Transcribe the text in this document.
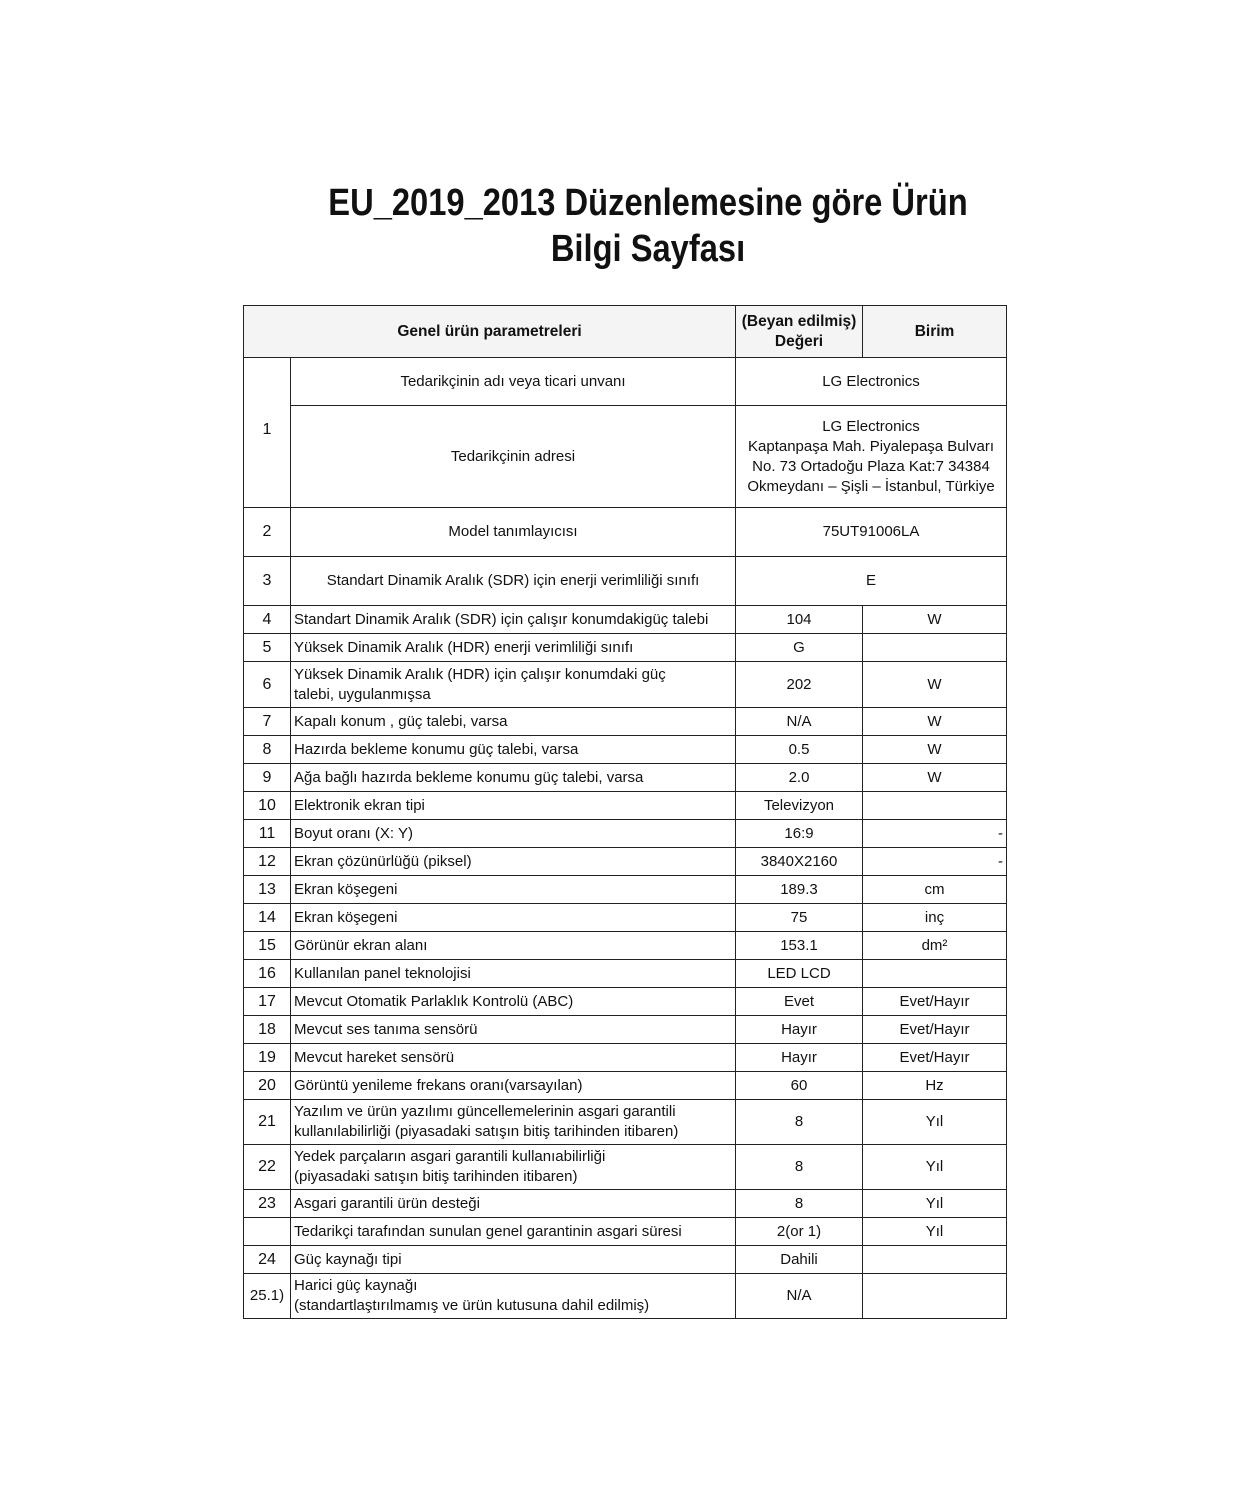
EU_2019_2013 Düzenlemesine göre Ürün
Bilgi Sayfası
Genel ürün parametreleri		(Beyan edilmiş)
Değeri	Birim
1	Tedarikçinin adı veya ticari unvanı	LG Electronics	
	Tedarikçinin adresi	LG Electronics
Kaptanpaşa Mah. Piyalepaşa Bulvarı
No. 73 Ortadoğu Plaza Kat:7 34384
Okmeydanı – Şişli – İstanbul, Türkiye	

2	Model tanımlayıcısı	75UT91006LA	
3	Standart Dinamik Aralık (SDR) için enerji verimliliği sınıfı	E	
4	Standart Dinamik Aralık (SDR) için çalışır konumdakigüç talebi	104	W
5	Yüksek Dinamik Aralık (HDR) enerji verimliliği sınıfı	G	
6	Yüksek Dinamik Aralık (HDR) için çalışır konumdaki güç
talebi, uygulanmışsa	202	W
7	Kapalı konum , güç talebi, varsa	N/A	W
8	Hazırda bekleme konumu güç talebi, varsa	0.5	W
9	Ağa bağlı hazırda bekleme konumu güç talebi, varsa	2.0	W
10	Elektronik ekran tipi	Televizyon	
11	Boyut oranı (X: Y)	16:9	-
12	Ekran çözünürlüğü (piksel)	3840X2160	-
13	Ekran köşegeni	189.3	cm
14	Ekran köşegeni	75	inç
15	Görünür ekran alanı	153.1	dm²
16	Kullanılan panel teknolojisi	LED LCD	
17	Mevcut Otomatik Parlaklık Kontrolü (ABC)	Evet	Evet/Hayır
18	Mevcut ses tanıma sensörü	Hayır	Evet/Hayır
19	Mevcut hareket sensörü	Hayır	Evet/Hayır
20	Görüntü yenileme frekans oranı(varsayılan)	60	Hz
21	Yazılım ve ürün yazılımı güncellemelerinin asgari garantili
kullanılabilirliği (piyasadaki satışın bitiş tarihinden itibaren)	8	Yıl
22	Yedek parçaların asgari garantili kullanıabilirliği
(piyasadaki satışın bitiş tarihinden itibaren)	8	Yıl
23	Asgari garantili ürün desteği	8	Yıl
	Tedarikçi tarafından sunulan genel garantinin asgari süresi	2(or 1)	Yıl
24	Güç kaynağı tipi	Dahili	
25.1)	Harici güç kaynağı
(standartlaştırılmamış ve ürün kutusuna dahil edilmiş)	N/A	
